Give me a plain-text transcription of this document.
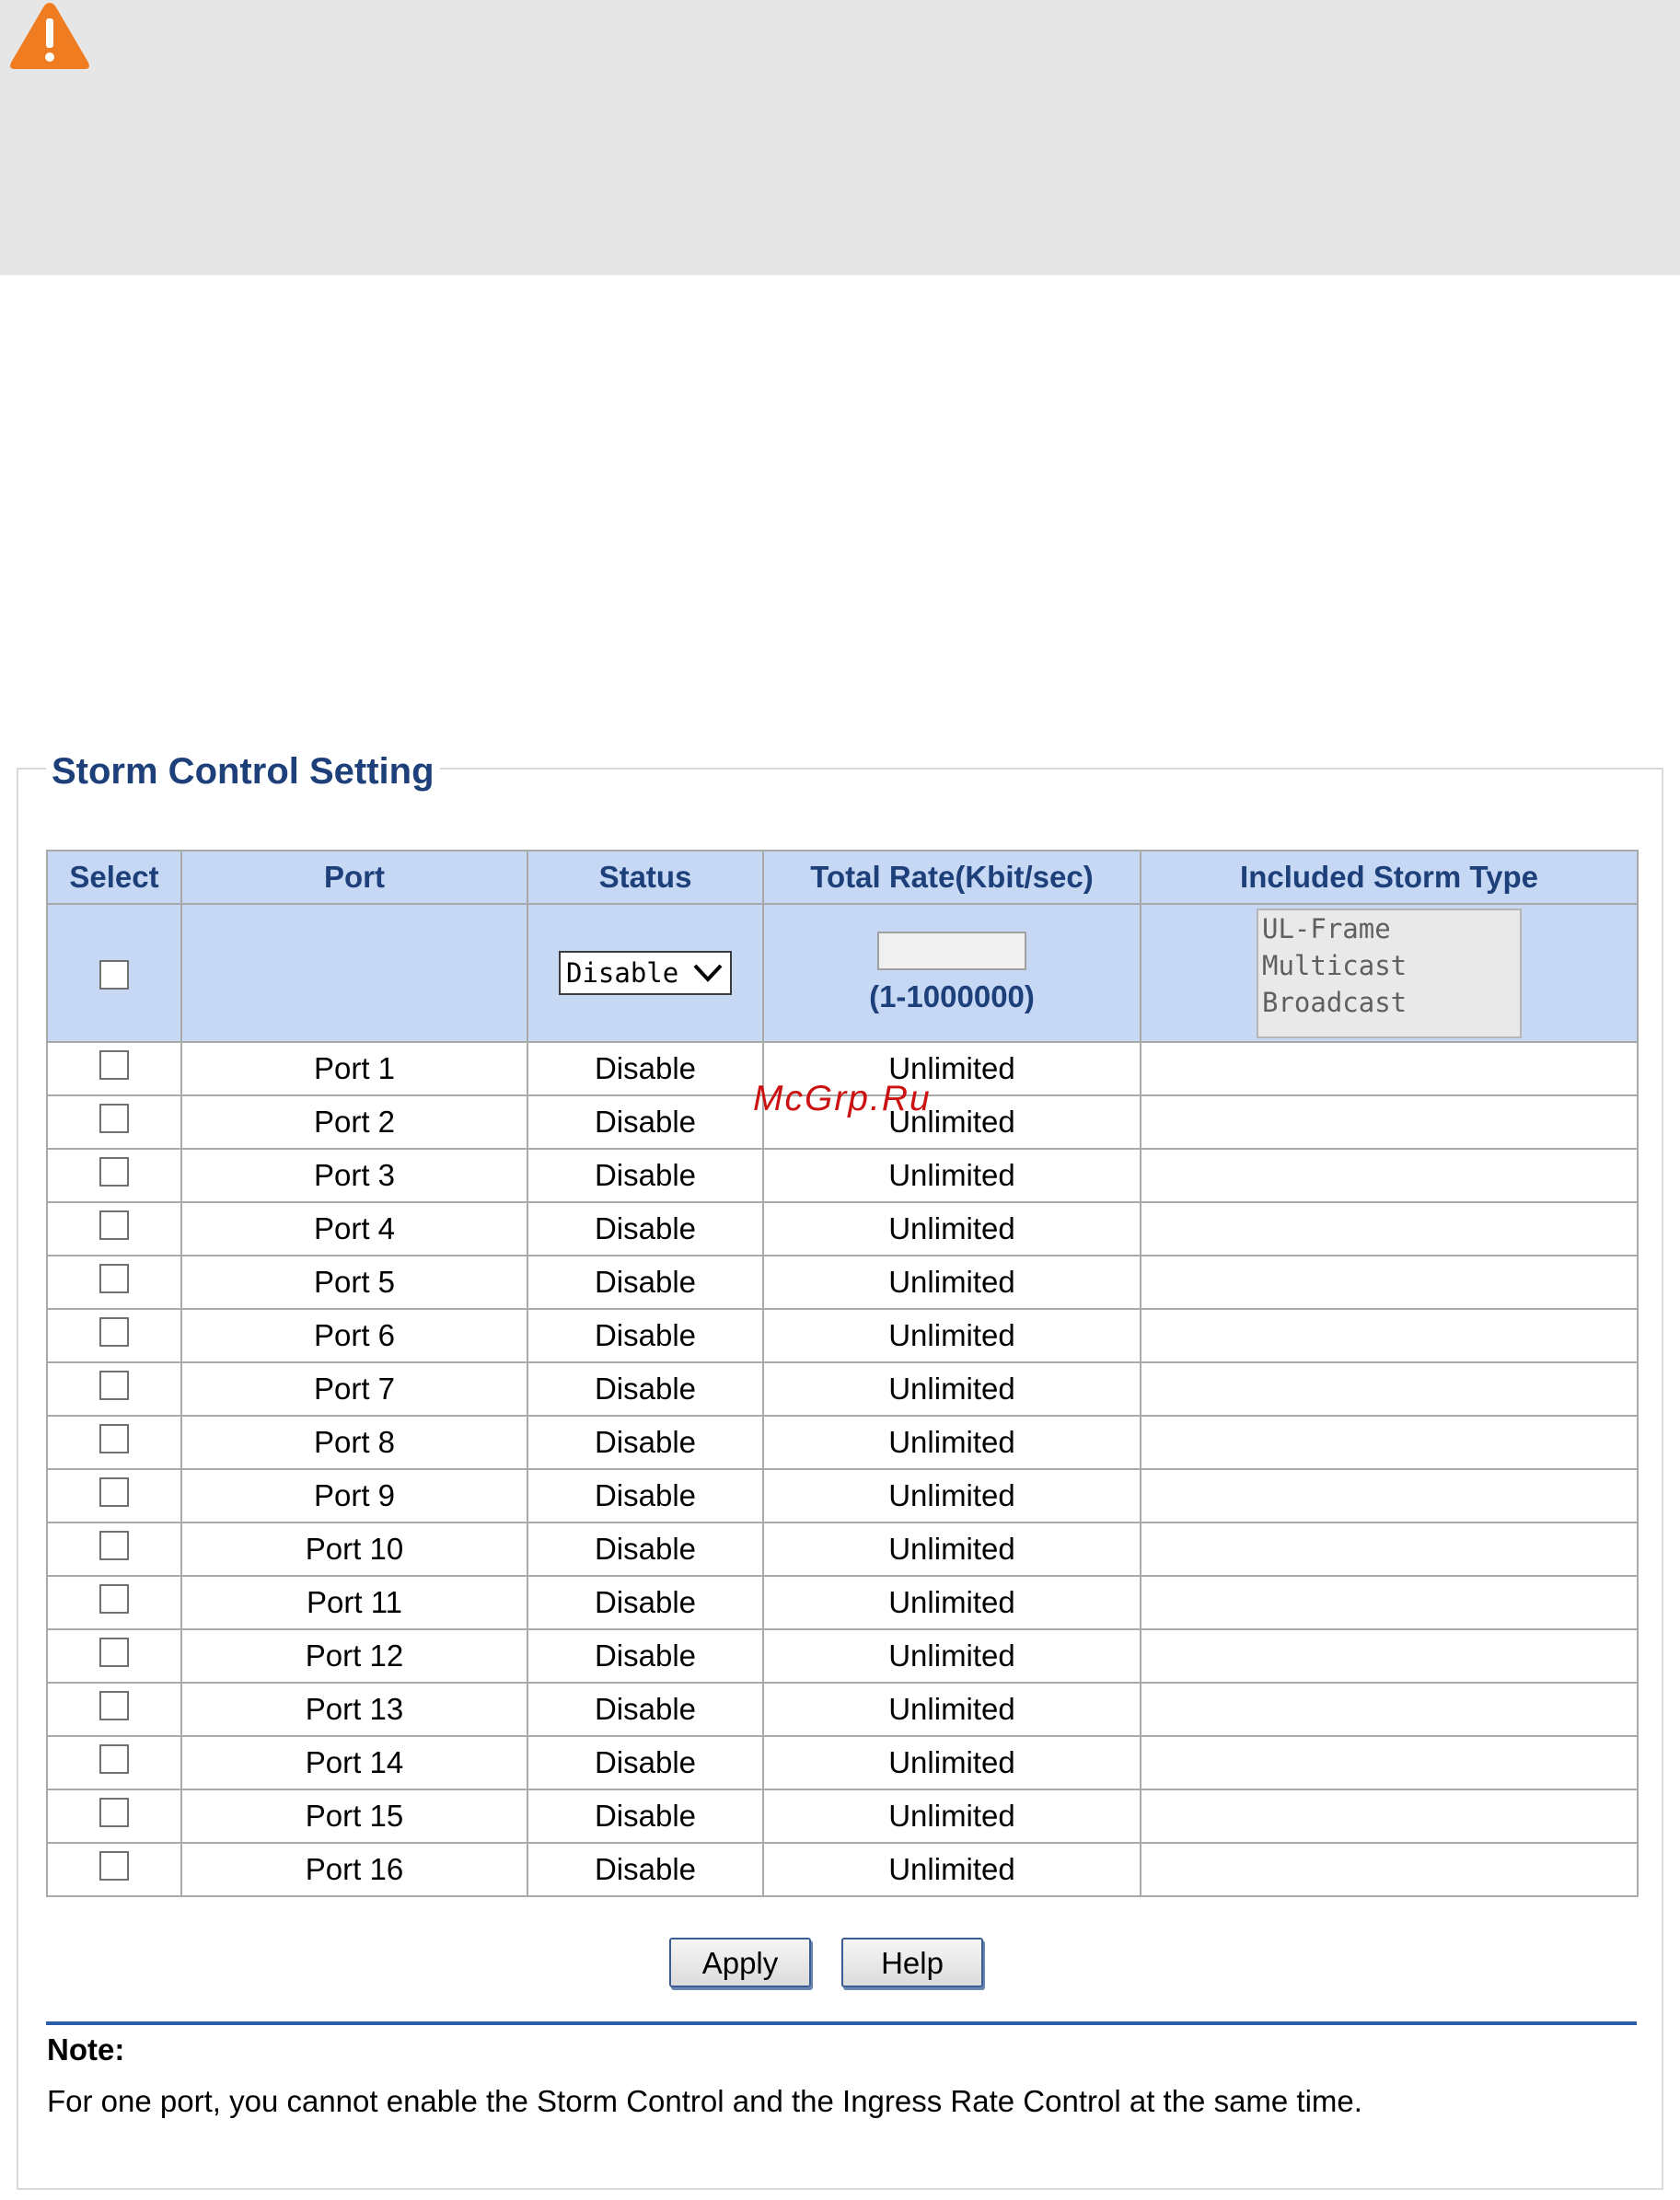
Storm Control Setting
Select	Port	Status	Total Rate(Kbit/sec)	Included Storm Type

		Disable	(1-1000000)	UL-Frame
Multicast
Broadcast

	Port 1	Disable	Unlimited	
	Port 2	Disable	Unlimited	
	Port 3	Disable	Unlimited	
	Port 4	Disable	Unlimited	
	Port 5	Disable	Unlimited	
	Port 6	Disable	Unlimited	
	Port 7	Disable	Unlimited	
	Port 8	Disable	Unlimited	
	Port 9	Disable	Unlimited	
	Port 10	Disable	Unlimited	
	Port 11	Disable	Unlimited	
	Port 12	Disable	Unlimited	
	Port 13	Disable	Unlimited	
	Port 14	Disable	Unlimited	
	Port 15	Disable	Unlimited	
	Port 16	Disable	Unlimited	
McGrp.Ru
Apply	Help
Note:
For one port, you cannot enable the Storm Control and the Ingress Rate Control at the same time.
